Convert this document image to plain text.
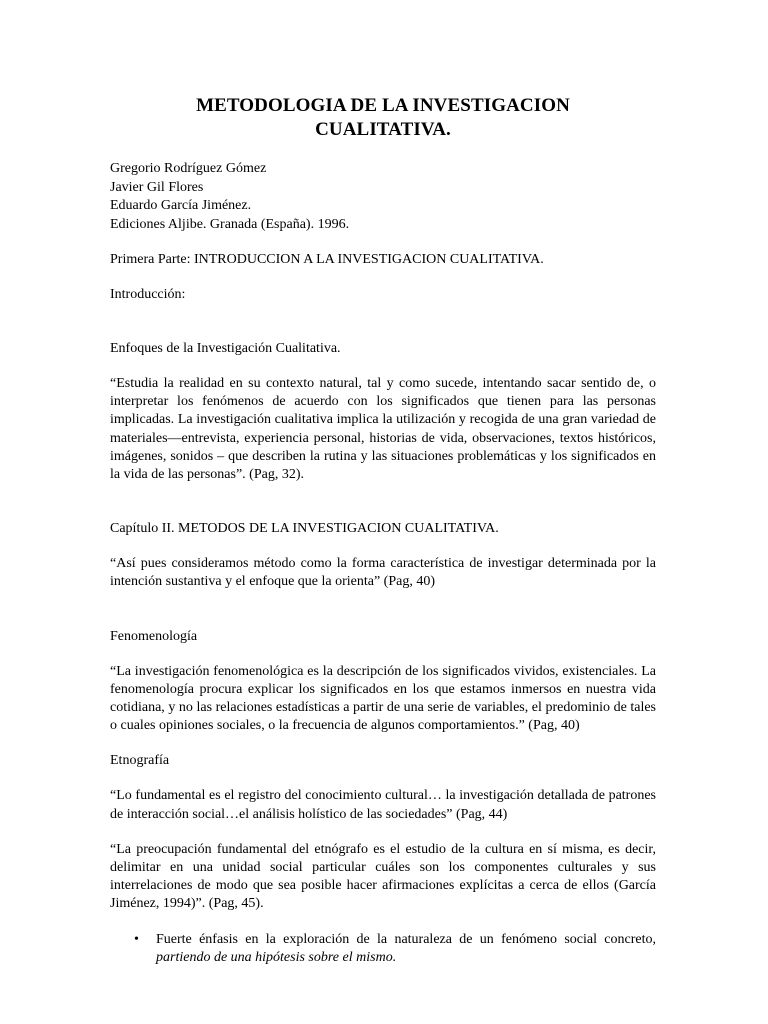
METODOLOGIA DE LA INVESTIGACION
CUALITATIVA.

Gregorio Rodríguez Gómez

Javier Gil Flores

Eduardo García Jiménez.

Ediciones Aljibe. Granada (España). 1996.

Primera Parte: INTRODUCCION A LA INVESTIGACION CUALITATIVA.

Introducción:

Enfoques de la Investigación Cualitativa.

“Estudia la realidad en su contexto natural, tal y como sucede, intentando sacar sentido de, o interpretar los fenómenos de acuerdo con los significados que tienen para las personas implicadas. La investigación cualitativa implica la utilización y recogida de una gran variedad de materiales—entrevista, experiencia personal, historias de vida, observaciones, textos históricos, imágenes, sonidos – que describen la rutina y las situaciones problemáticas y los significados en la vida de las personas”. (Pag, 32).

Capítulo II. METODOS DE LA INVESTIGACION CUALITATIVA.

“Así pues consideramos método como la forma característica de investigar determinada por la intención sustantiva y el enfoque que la orienta” (Pag, 40)

Fenomenología

“La investigación fenomenológica es la descripción de los significados vividos, existenciales. La fenomenología procura explicar los significados en los que estamos inmersos en nuestra vida cotidiana, y no las relaciones estadísticas a partir de una serie de variables, el predominio de tales o cuales opiniones sociales, o la frecuencia de algunos comportamientos.” (Pag, 40)

Etnografía

“Lo fundamental es el registro del conocimiento cultural… la investigación detallada de patrones de interacción social…el análisis holístico de las sociedades” (Pag, 44)

“La preocupación fundamental del etnógrafo es el estudio de la cultura en sí misma, es decir, delimitar en una unidad social particular cuáles son los componentes culturales y sus interrelaciones de modo que sea posible hacer afirmaciones explícitas a cerca de ellos (García Jiménez, 1994)”. (Pag, 45).

• Fuerte énfasis en la exploración de la naturaleza de un fenómeno social concreto, partiendo de una hipótesis sobre el mismo.
